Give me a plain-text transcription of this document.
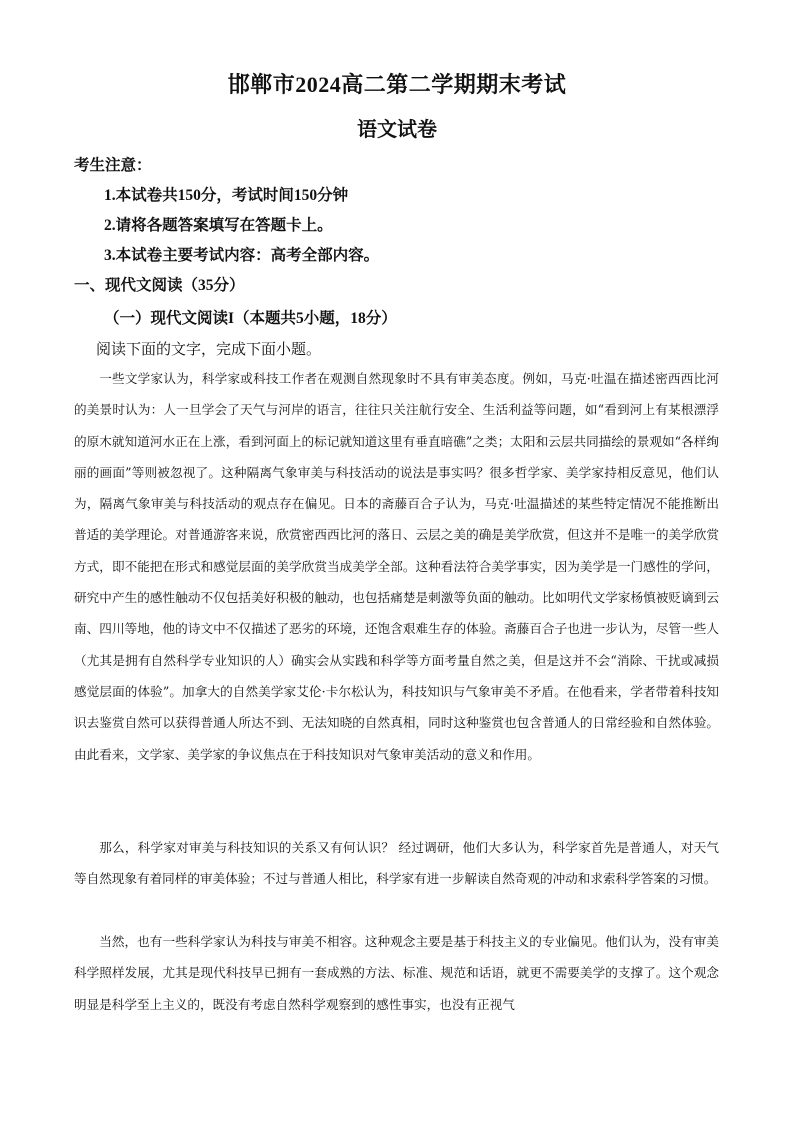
邯郸市2024高二第二学期期末考试
语文试卷
考生注意：
1.本试卷共150分，考试时间150分钟
2.请将各题答案填写在答题卡上。
3.本试卷主要考试内容：高考全部内容。
一、现代文阅读（35分）
（一）现代文阅读I（本题共5小题，18分）
阅读下面的文字，完成下面小题。

一些文学家认为，科学家或科技工作者在观测自然现象时不具有审美态度。例如，马克·吐温在描述密西西比河的美景时认为：人一旦学会了天气与河岸的语言，往往只关注航行安全、生活利益等问题，如“看到河上有某根漂浮的原木就知道河水正在上涨，看到河面上的标记就知道这里有垂直暗礁”之类；太阳和云层共同描绘的景观如“各样绚丽的画面”等则被忽视了。这种隔离气象审美与科技活动的说法是事实吗？很多哲学家、美学家持相反意见，他们认为，隔离气象审美与科技活动的观点存在偏见。日本的斋藤百合子认为，马克·吐温描述的某些特定情况不能推断出普适的美学理论。对普通游客来说，欣赏密西西比河的落日、云层之美的确是美学欣赏，但这并不是唯一的美学欣赏方式，即不能把在形式和感觉层面的美学欣赏当成美学全部。这种看法符合美学事实，因为美学是一门感性的学问，研究中产生的感性触动不仅包括美好积极的触动，也包括痛楚是刺激等负面的触动。比如明代文学家杨慎被贬谪到云南、四川等地，他的诗文中不仅描述了恶劣的环境，还饱含艰难生存的体验。斋藤百合子也进一步认为，尽管一些人（尤其是拥有自然科学专业知识的人）确实会从实践和科学等方面考量自然之美，但是这并不会“消除、干扰或减损感觉层面的体验”。加拿大的自然美学家艾伦·卡尔松认为，科技知识与气象审美不矛盾。在他看来，学者带着科技知识去鉴赏自然可以获得普通人所达不到、无法知晓的自然真相，同时这种鉴赏也包含普通人的日常经验和自然体验。由此看来，文学家、美学家的争议焦点在于科技知识对气象审美活动的意义和作用。

那么，科学家对审美与科技知识的关系又有何认识？ 经过调研，他们大多认为，科学家首先是普通人，对天气等自然现象有着同样的审美体验；不过与普通人相比，科学家有进一步解读自然奇观的冲动和求索科学答案的习惯。

当然，也有一些科学家认为科技与审美不相容。这种观念主要是基于科技主义的专业偏见。他们认为，没有审美科学照样发展，尤其是现代科技早已拥有一套成熟的方法、标准、规范和话语，就更不需要美学的支撑了。这个观念明显是科学至上主义的，既没有考虑自然科学观察到的感性事实，也没有正视气
